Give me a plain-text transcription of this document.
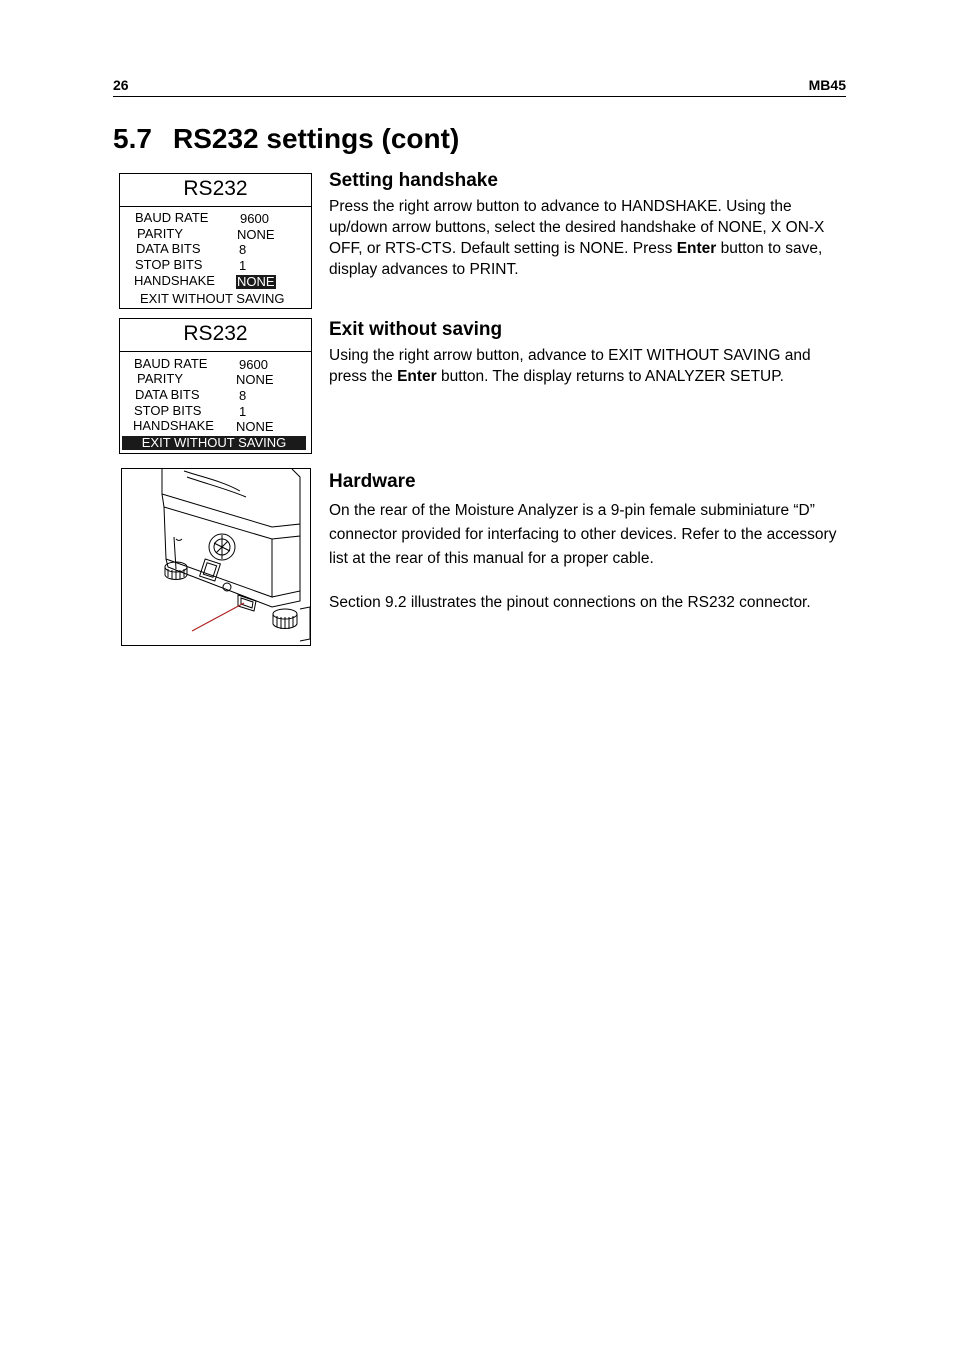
26	MB45
5.7 RS232 settings (cont)
RS232
BAUD RATE 9600
PARITY	NONE
DATA BITS	8
STOP BITS	1
HANDSHAKE NONE
EXIT WITHOUT SAVING
RS232
BAUD RATE 9600
PARITY	NONE
DATA BITS	8
STOP BITS	1
HANDSHAKE NONE
EXIT WITHOUT SAVING
Setting handshake
Press the right arrow button to advance to HANDSHAKE. Using the up/down arrow buttons, select the desired handshake of NONE, X ON-X OFF, or RTS-CTS. Default setting is NONE. Press Enter button to save, display advances to PRINT.
Exit without saving
Using the right arrow button, advance to EXIT WITHOUT SAVING and press the Enter button. The display returns to ANALYZER SETUP.
Hardware
On the rear of the Moisture Analyzer is a 9-pin female subminiature “D” connector provided for interfacing to other devices. Refer to the accessory list at the rear of this manual for a proper cable.
Section 9.2 illustrates the pinout connections on the RS232 connector.
